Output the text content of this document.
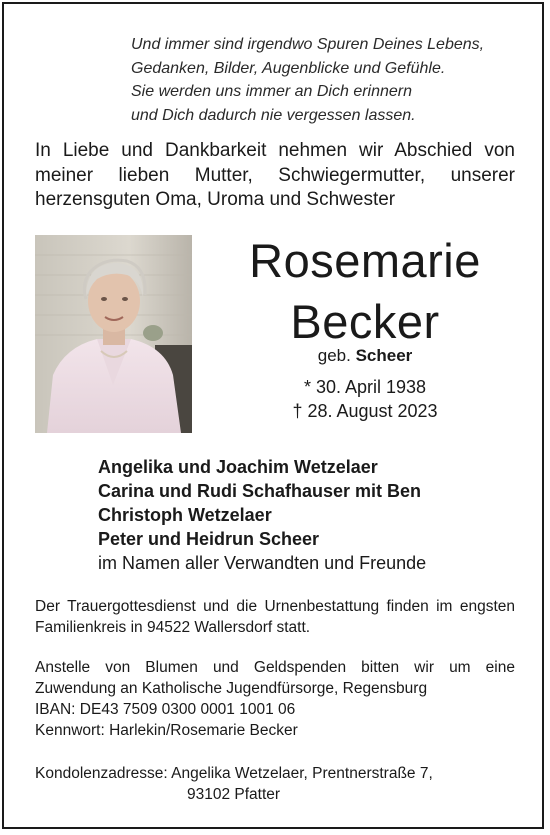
Und immer sind irgendwo Spuren Deines Lebens,
Gedanken, Bilder, Augenblicke und Gefühle.
Sie werden uns immer an Dich erinnern
und Dich dadurch nie vergessen lassen.
In Liebe und Dankbarkeit nehmen wir Abschied von meiner lieben Mutter, Schwiegermutter, unserer herzensguten Oma, Uroma und Schwester
Rosemarie
Becker
geb. Scheer
* 30. April 1938
† 28. August 2023
Angelika und Joachim Wetzelaer
Carina und Rudi Schafhauser mit Ben
Christoph Wetzelaer
Peter und Heidrun Scheer
im Namen aller Verwandten und Freunde
Der Trauergottesdienst und die Urnenbestattung finden im engsten Familienkreis in 94522 Wallersdorf statt.
Anstelle von Blumen und Geldspenden bitten wir um eine
Zuwendung an Katholische Jugendfürsorge, Regensburg
IBAN: DE43 7509 0300 0001 1001 06
Kennwort: Harlekin/Rosemarie Becker
Kondolenzadresse: Angelika Wetzelaer, Prentnerstraße 7,
93102 Pfatter
